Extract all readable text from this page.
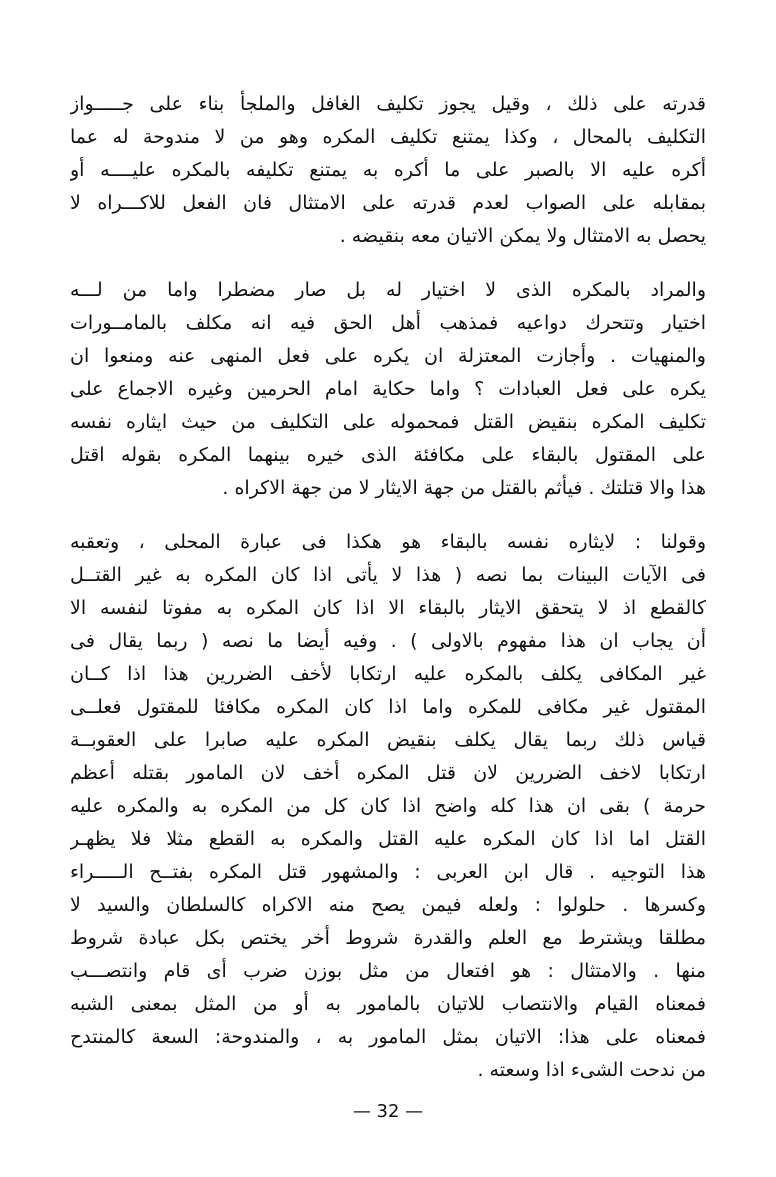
قدرته على ذلك ، وقيل يجوز تكليف الغافل والملجأ بناء على جـــــواز
التكليف بالمحال ، وكذا يمتنع تكليف المكره وهو من لا مندوحة له عما
أكره عليه الا بالصبر على ما أكره به يمتنع تكليفه بالمكره عليــــه أو
بمقابله على الصواب لعدم قدرته على الامتثال فان الفعل للاكـــراه لا
يحصل به الامتثال ولا يمكن الاتيان معه بنقيضه .
والمراد بالمكره الذى لا اختيار له بل صار مضطرا واما من لـــه
اختيار وتتحرك دواعيه فمذهب أهل الحق فيه انه مكلف بالمامــورات
والمنهيات . وأجازت المعتزلة ان يكره على فعل المنهى عنه ومنعوا ان
يكره على فعل العبادات ؟ واما حكاية امام الحرمين وغيره الاجماع على
تكليف المكره بنقيض القتل فمحموله على التكليف من حيث ايثاره نفسه
على المقتول بالبقاء على مكافئة الذى خيره بينهما المكره بقوله اقتل
هذا والا قتلتك . فيأثم بالقتل من جهة الايثار لا من جهة الاكراه .
وقولنا : لايثاره نفسه بالبقاء هو هكذا فى عبارة المحلى ، وتعقبه
فى الآيات البينات بما نصه ( هذا لا يأتى اذا كان المكره به غير القتــل
كالقطع اذ لا يتحقق الايثار بالبقاء الا اذا كان المكره به مفوتا لنفسه الا
أن يجاب ان هذا مفهوم بالاولى ) . وفيه أيضا ما نصه ( ربما يقال فى
غير المكافى يكلف بالمكره عليه ارتكابا لأخف الضررين هذا اذا كــان
المقتول غير مكافى للمكره واما اذا كان المكره مكافئا للمقتول فعلــى
قياس ذلك ربما يقال يكلف بنقيض المكره عليه صابرا على العقوبــة
ارتكابا لاخف الضررين لان قتل المكره أخف لان المامور بقتله أعظم
حرمة ) بقى ان هذا كله واضح اذا كان كل من المكره به والمكره عليه
القتل اما اذا كان المكره عليه القتل والمكره به القطع مثلا فلا يظهـر
هذا التوجيه . قال ابن العربى : والمشهور قتل المكره بفتــح الـــــراء
وكسرها . حلولوا : ولعله فيمن يصح منه الاكراه كالسلطان والسيد لا
مطلقا ويشترط مع العلم والقدرة شروط أخر يختص بكل عبادة شروط
منها . والامتثال : هو افتعال من مثل بوزن ضرب أى قام وانتصـــب
فمعناه القيام والانتصاب للاتيان بالمامور به أو من المثل بمعنى الشبه
فمعناه على هذا: الاتيان بمثل المامور به ، والمندوحة: السعة كالمنتدح
من ندحت الشىء اذا وسعته .
— 32 —
